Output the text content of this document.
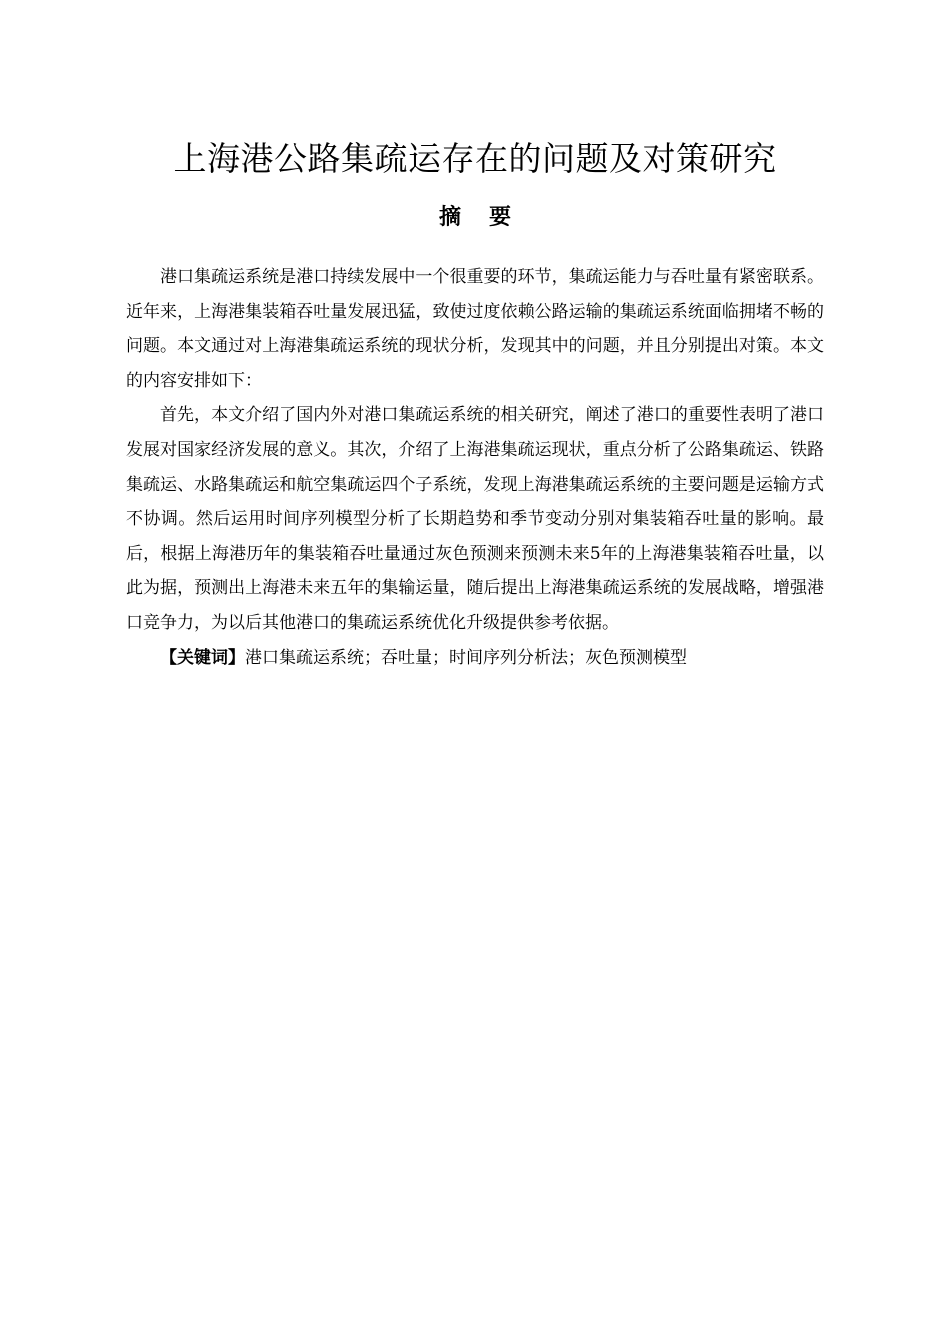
上海港公路集疏运存在的问题及对策研究
摘要

港口集疏运系统是港口持续发展中一个很重要的环节，集疏运能力与吞吐量有紧密联系。近年来，上海港集装箱吞吐量发展迅猛，致使过度依赖公路运输的集疏运系统面临拥堵不畅的问题。本文通过对上海港集疏运系统的现状分析，发现其中的问题，并且分别提出对策。本文的内容安排如下：

首先，本文介绍了国内外对港口集疏运系统的相关研究，阐述了港口的重要性表明了港口发展对国家经济发展的意义。其次，介绍了上海港集疏运现状，重点分析了公路集疏运、铁路集疏运、水路集疏运和航空集疏运四个子系统，发现上海港集疏运系统的主要问题是运输方式不协调。然后运用时间序列模型分析了长期趋势和季节变动分别对集装箱吞吐量的影响。最后，根据上海港历年的集装箱吞吐量通过灰色预测来预测未来5年的上海港集装箱吞吐量，以此为据，预测出上海港未来五年的集输运量，随后提出上海港集疏运系统的发展战略，增强港口竞争力，为以后其他港口的集疏运系统优化升级提供参考依据。

【关键词】港口集疏运系统；吞吐量；时间序列分析法；灰色预测模型
